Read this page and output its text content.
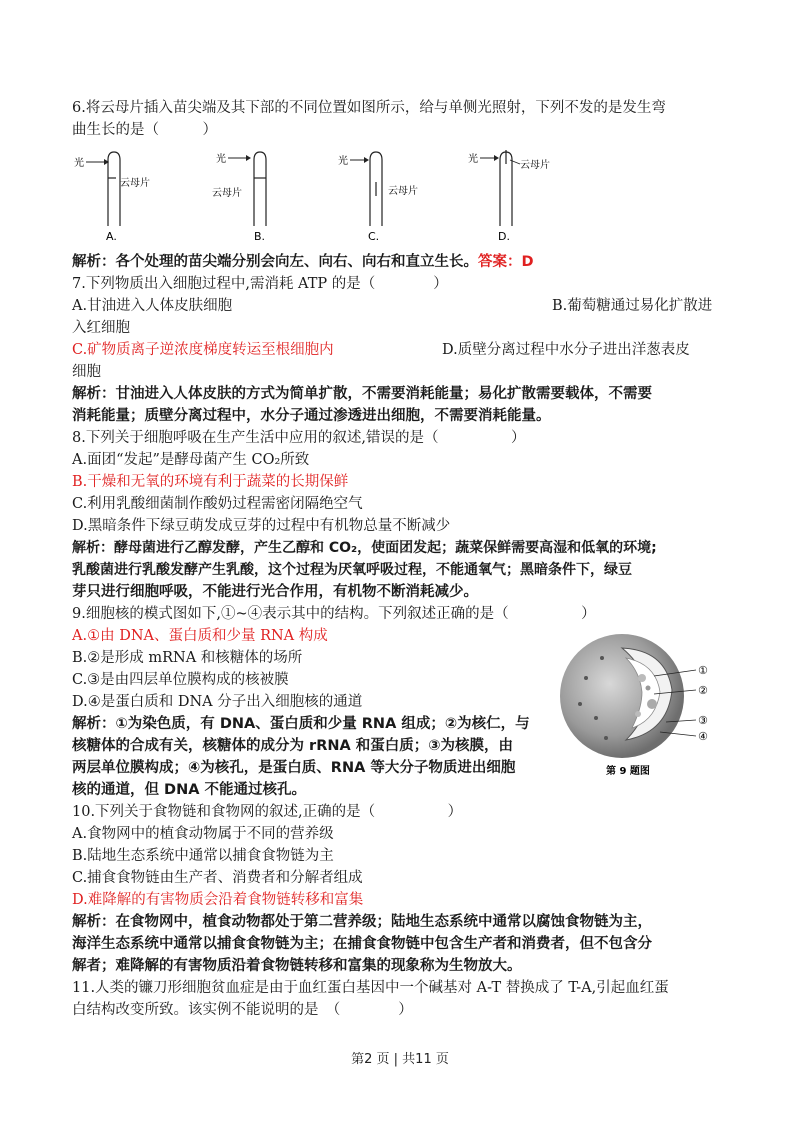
6.将云母片插入苗尖端及其下部的不同位置如图所示，给与单侧光照射，下列不发的是发生弯
曲生长的是（　　　）
光
云母片
A.
光
云母片
B.
光
云母片
C.
光
云母片
D.
解析：各个处理的苗尖端分别会向左、向右、向右和直立生长。答案：D
7.下列物质出入细胞过程中,需消耗 ATP 的是（　　　　）
A.甘油进入人体皮肤细胞	B.葡萄糖通过易化扩散进
入红细胞
C.矿物质离子逆浓度梯度转运至根细胞内	D.质壁分离过程中水分子进出洋葱表皮
细胞
解析：甘油进入人体皮肤的方式为简单扩散，不需要消耗能量；易化扩散需要载体，不需要
消耗能量；质壁分离过程中，水分子通过渗透进出细胞，不需要消耗能量。
8.下列关于细胞呼吸在生产生活中应用的叙述,错误的是（　　　　　）
A.面团“发起”是酵母菌产生 CO₂所致
B.干燥和无氧的环境有利于蔬菜的长期保鲜
C.利用乳酸细菌制作酸奶过程需密闭隔绝空气
D.黑暗条件下绿豆萌发成豆芽的过程中有机物总量不断减少
解析：酵母菌进行乙醇发酵，产生乙醇和 CO₂，使面团发起；蔬菜保鲜需要高湿和低氧的环境;
乳酸菌进行乳酸发酵产生乳酸，这个过程为厌氧呼吸过程，不能通氧气；黑暗条件下，绿豆
芽只进行细胞呼吸，不能进行光合作用，有机物不断消耗减少。
9.细胞核的模式图如下,①~④表示其中的结构。下列叙述正确的是（　　　　　）
A.①由 DNA、蛋白质和少量 RNA 构成
B.②是形成 mRNA 和核糖体的场所
C.③是由四层单位膜构成的核被膜
D.④是蛋白质和 DNA 分子出入细胞核的通道
解析：①为染色质，有 DNA、蛋白质和少量 RNA 组成；②为核仁，与
核糖体的合成有关，核糖体的成分为 rRNA 和蛋白质；③为核膜，由
两层单位膜构成；④为核孔，是蛋白质、RNA 等大分子物质进出细胞
核的通道，但 DNA 不能通过核孔。
①
②
③
④
第 9 题图
10.下列关于食物链和食物网的叙述,正确的是（　　　　　）
A.食物网中的植食动物属于不同的营养级
B.陆地生态系统中通常以捕食食物链为主
C.捕食食物链由生产者、消费者和分解者组成
D.难降解的有害物质会沿着食物链转移和富集
解析：在食物网中，植食动物都处于第二营养级；陆地生态系统中通常以腐蚀食物链为主，
海洋生态系统中通常以捕食食物链为主；在捕食食物链中包含生产者和消费者，但不包含分
解者；难降解的有害物质沿着食物链转移和富集的现象称为生物放大。
11.人类的镰刀形细胞贫血症是由于血红蛋白基因中一个碱基对 A-T 替换成了 T-A,引起血红蛋
白结构改变所致。该实例不能说明的是　（　　　　）
第2 页 | 共11 页
